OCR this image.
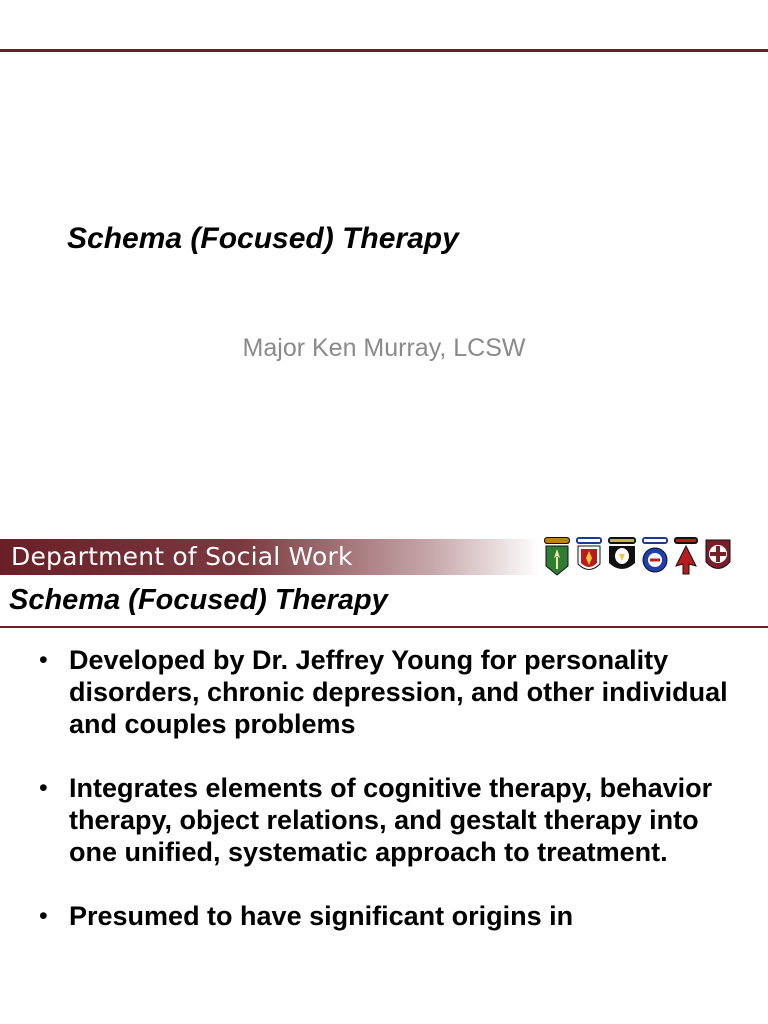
Schema (Focused) Therapy
Major Ken Murray, LCSW
Department of Social Work
Schema (Focused) Therapy
• Developed by Dr. Jeffrey Young for personality disorders, chronic depression, and other individual and couples problems
• Integrates elements of cognitive therapy, behavior therapy, object relations, and gestalt therapy into one unified, systematic approach to treatment.
• Presumed to have significant origins in
